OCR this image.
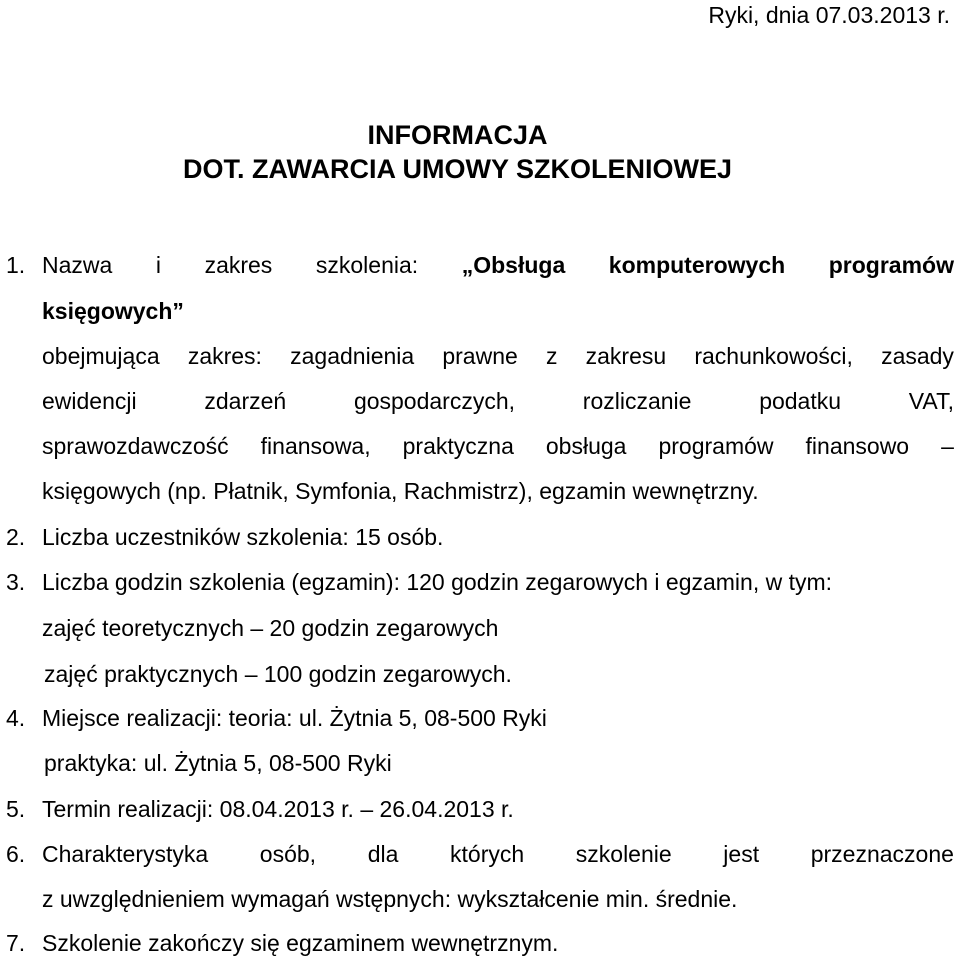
Ryki, dnia 07.03.2013 r.
INFORMACJA
DOT. ZAWARCIA UMOWY SZKOLENIOWEJ
1. Nazwa i zakres szkolenia: „Obsługa komputerowych programów
księgowych”
obejmująca zakres: zagadnienia prawne z zakresu rachunkowości, zasady
ewidencji	zdarzeń	gospodarczych,	rozliczanie	podatku	VAT,
sprawozdawczość finansowa, praktyczna obsługa programów finansowo –
księgowych (np. Płatnik, Symfonia, Rachmistrz), egzamin wewnętrzny.
2. Liczba uczestników szkolenia: 15 osób.
3. Liczba godzin szkolenia (egzamin): 120 godzin zegarowych i egzamin, w tym:
zajęć teoretycznych – 20 godzin zegarowych
zajęć praktycznych – 100 godzin zegarowych.
4. Miejsce realizacji: teoria: ul. Żytnia 5, 08-500 Ryki
praktyka: ul. Żytnia 5, 08-500 Ryki
5. Termin realizacji: 08.04.2013 r. – 26.04.2013 r.
6. Charakterystyka osób, dla których szkolenie jest przeznaczone
z uwzględnieniem wymagań wstępnych: wykształcenie min. średnie.
7. Szkolenie zakończy się egzaminem wewnętrznym.
